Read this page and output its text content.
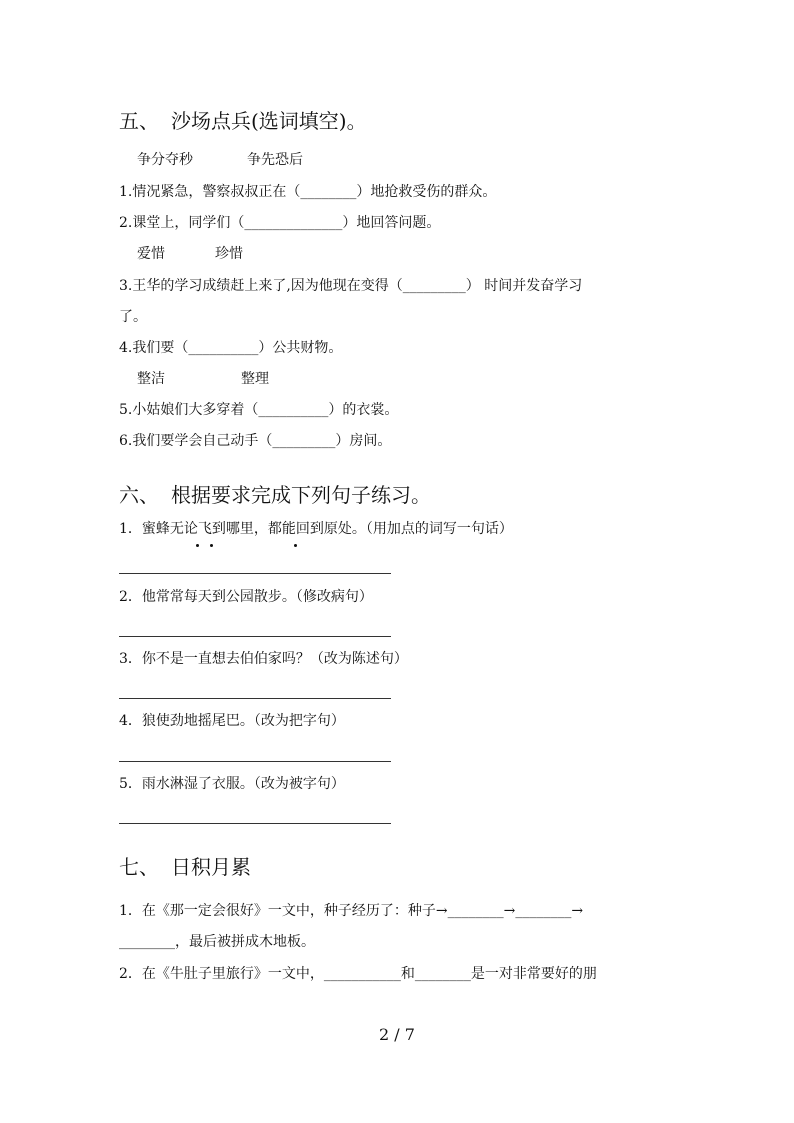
五、 沙场点兵(选词填空)。
争分夺秒	争先恐后
1.情况紧急，警察叔叔正在（________）地抢救受伤的群众。
2.课堂上，同学们（______________）地回答问题。
爱惜	珍惜
3.王华的学习成绩赶上来了,因为他现在变得（_________） 时间并发奋学习
了。
4.我们要（__________）公共财物。
整洁	整理
5.小姑娘们大多穿着（__________）的衣裳。
6.我们要学会自己动手（_________）房间。
六、 根据要求完成下列句子练习。
1．蜜蜂无论飞到哪里，都能回到原处。（用加点的词写一句话）
2．他常常每天到公园散步。（修改病句）
3．你不是一直想去伯伯家吗？（改为陈述句）
4．狼使劲地摇尾巴。（改为把字句）
5．雨水淋湿了衣服。（改为被字句）
七、 日积月累
1．在《那一定会很好》一文中，种子经历了：种子→________→________→
________，最后被拼成木地板。
2．在《牛肚子里旅行》一文中，___________和________是一对非常要好的朋
2 / 7
